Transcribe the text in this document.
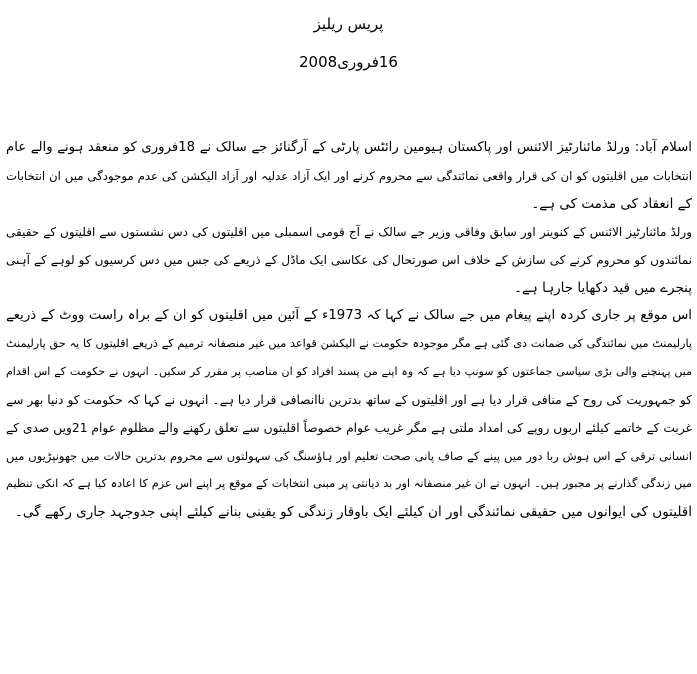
پریس ریلیز
16فروری2008
اسلام آباد: ورلڈ مائنارٹیز الائنس اور پاکستان ہیومین رائٹس پارٹی کے آرگنائز جے سالک نے 18فروری کو منعقد ہونے والے عام
انتخابات میں اقلیتوں کو ان کی قرار واقعی نمائندگی سے محروم کرنے اور ایک آزاد عدلیہ اور آزاد الیکشن کی عدم موجودگی میں ان انتخابات
کے انعقاد کی مذمت کی ہے۔
ورلڈ مائنارٹیز الائنس کے کنوینر اور سابق وفاقی وزیر جے سالک نے آج قومی اسمبلی میں اقلیتوں کی دس نشستوں سے اقلیتوں کے حقیقی
نمائندوں کو محروم کرنے کی سازش کے خلاف اس صورتحال کی عکاسی ایک ماڈل کے ذریعے کی جس میں دس کرسیوں کو لوہے کے آہنی
پنجرے میں قید دکھایا جارہا ہے۔
اس موقع پر جاری کردہ اپنے پیغام میں جے سالک نے کہا کہ 1973ء کے آئین میں اقلیتوں کو ان کے براہ راست ووٹ کے ذریعے
پارلیمنٹ میں نمائندگی کی ضمانت دی گئی ہے مگر موجودہ حکومت نے الیکشن قواعد میں غیر منصفانہ ترمیم کے ذریعے اقلیتوں کا یہ حق پارلیمنٹ
میں پہنچنے والی بڑی سیاسی جماعتوں کو سونپ دیا ہے کہ وہ اپنے من پسند افراد کو ان مناصب پر مقرر کر سکیں۔ انہوں نے حکومت کے اس اقدام
کو جمہوریت کی روح کے منافی قرار دیا ہے اور اقلیتوں کے ساتھ بدترین ناانصافی قرار دیا ہے۔ انہوں نے کہا کہ حکومت کو دنیا بھر سے
غربت کے خاتمے کیلئے اربوں روپے کی امداد ملتی ہے مگر غریب عوام خصوصاً اقلیتوں سے تعلق رکھنے والے مظلوم عوام 21ویں صدی کے
انسانی ترقی کے اس ہوش ربا دور میں پینے کے صاف پانی صحت تعلیم اور ہاؤسنگ کی سہولتوں سے محروم بدترین حالات میں جھونپڑیوں میں
میں زندگی گذارنے پر مجبور ہیں۔ انہوں نے ان غیر منصفانہ اور بد دیانتی پر مبنی انتخابات کے موقع پر اپنے اس عزم کا اعادہ کیا ہے کہ انکی تنظیم
اقلیتوں کی ایوانوں میں حقیقی نمائندگی اور ان کیلئے ایک باوقار زندگی کو یقینی بنانے کیلئے اپنی جدوجہد جاری رکھے گی۔
